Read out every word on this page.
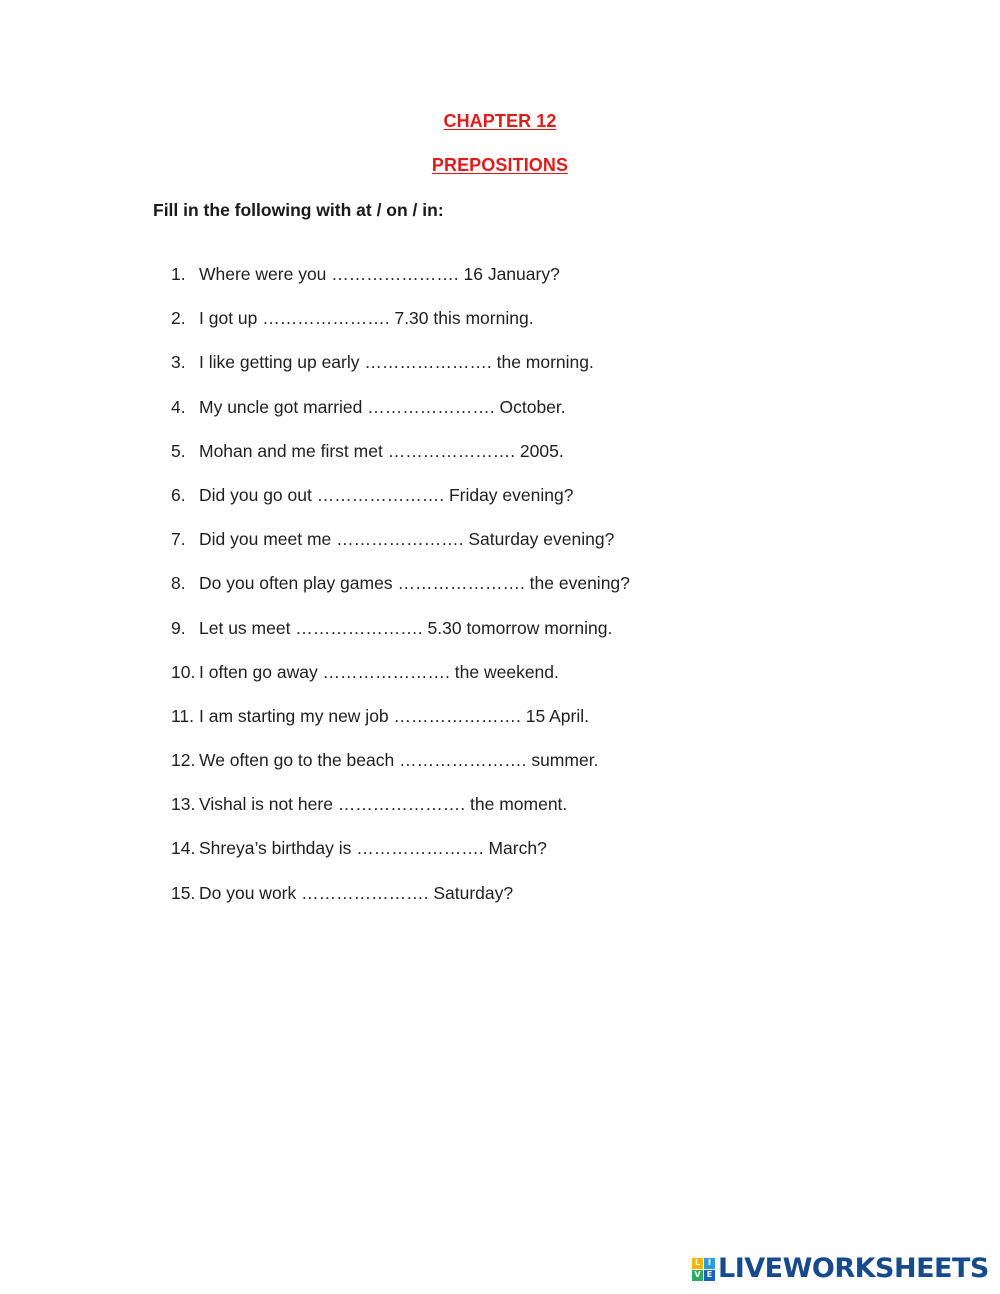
CHAPTER 12
PREPOSITIONS
Fill in the following with at / on / in:
1. Where were you …………………. 16 January?
2. I got up …………………. 7.30 this morning.
3. I like getting up early …………………. the morning.
4. My uncle got married …………………. October.
5. Mohan and me first met …………………. 2005.
6. Did you go out …………………. Friday evening?
7. Did you meet me …………………. Saturday evening?
8. Do you often play games …………………. the evening?
9. Let us meet …………………. 5.30 tomorrow morning.
10. I often go away …………………. the weekend.
11. I am starting my new job …………………. 15 April.
12. We often go to the beach …………………. summer.
13. Vishal is not here …………………. the moment.
14. Shreya’s birthday is …………………. March?
15. Do you work …………………. Saturday?
L I
V E LIVEWORKSHEETS
